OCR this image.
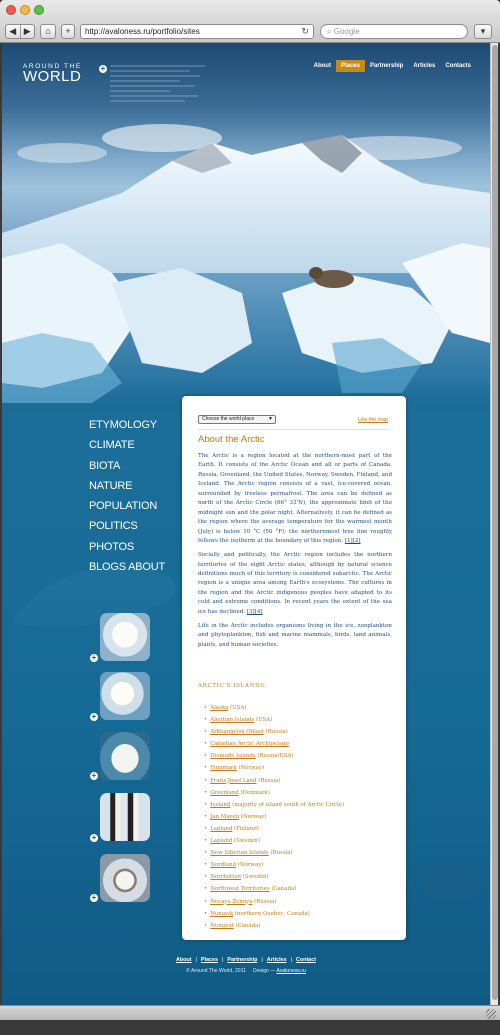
◀ ▶	⌂	+	http://avaloness.ru/portfolio/sites	↻	⌕ Google	▾
AROUND THE
WORLD +	About	Places	Partnership	Articles	Contacts
ETYMOLOGY
CLIMATE
BIOTA
NATURE
POPULATION
POLITICS
PHOTOS
BLOGS ABOUT
+
+
+
+
+
Choose the world place	▼	Use the map
About the Arctic

The Arctic is a region located at the northern-most part of the Earth. It consists of the Arctic Ocean and all or parts of Canada, Russia, Greenland, the United States, Norway, Sweden, Finland, and Iceland. The Arctic region consists of a vast, ice-covered ocean, surrounded by treeless permafrost. The area can be defined as north of the Arctic Circle (66° 33'N), the approximate limit of the midnight sun and the polar night. Alternatively, it can be defined as the region where the average temperature for the warmest month (July) is below 10 °C (50 °F); the northernmost tree line roughly follows the isotherm at the boundary of this region. [1][2]

Socially and politically, the Arctic region includes the northern territories of the eight Arctic states, although by natural science definitions much of this territory is considered subarctic. The Arctic region is a unique area among Earth's ecosystems. The cultures in the region and the Arctic indigenous peoples have adapted to its cold and extreme conditions. In recent years the extent of the sea ice has declined. [3][4]

Life in the Arctic includes organisms living in the ice, zooplankton and phytoplankton, fish and marine mammals, birds, land animals, plants, and human societies.

ARCTIC'S ISLANDS:
• Alaska (USA)
• Aleutian Islands (USA)
• Arkhangelsk Oblast (Russia)
• Canadian Arctic Archipelago
• Diomede Islands (Russia/USA)
• Finnmark (Norway)
• Franz Josef Land (Russia)
• Greenland (Denmark)
• Iceland (majority of island south of Arctic Circle)
• Jan Mayen (Norway)
• Lapland (Finland)
• Lapland (Sweden)
• New Siberian Islands (Russia)
• Nordland (Norway)
• Norrbotten (Sweden)
• Northwest Territories (Canada)
• Novaya Zemlya (Russia)
• Nunavik (northern Quebec, Canada)
• Nunavut (Canada)
About | Places | Partnership | Articles | Contact
© Around The World, 2011 Design — Avaloness.ru
